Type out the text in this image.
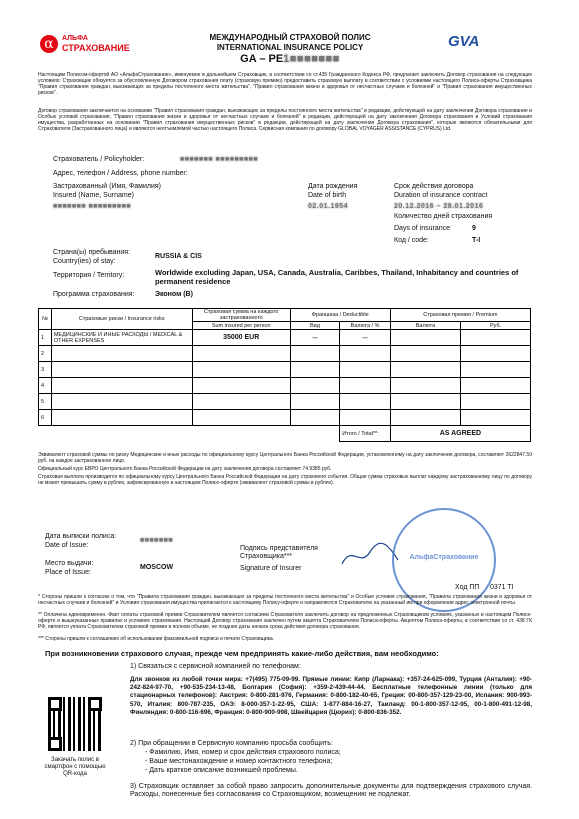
α	АЛЬФА
СТРАХОВАНИЕ
МЕЖДУНАРОДНЫЙ СТРАХОВОЙ ПОЛИС
INTERNATIONAL INSURANCE POLICY
GA – PE1■■■■■■■
GVA
Настоящим Полисом-офертой АО «АльфаСтрахование», именуемое в дальнейшем Страховщик, в соответствии со ст.435 Гражданского Кодекса РФ, предлагает заключить Договор страхования на следующих условиях: Страховщик обязуется за обусловленную Договором страхования плату (страховую премию) предоставить страховую выплату в соответствии с условиями настоящего Полиса-оферты Страховщика "Правил страхования граждан, выезжающих за пределы постоянного места жительства", "Правил страхования жизни и здоровья от несчастных случаев и болезней" и "Правил страхования имущественных рисков".
Договор страхования заключается на основании "Правил страхования граждан, выезжающих за пределы постоянного места жительства" в редакции, действующей на дату заключения Договора страхования и Особых условий страхования, "Правил страхования жизни и здоровья от несчастных случаев и болезней" в редакции, действующей на дату заключения Договора страхования и Условий страхования имущества, разработанных на основании "Правил страхования имущественных рисков" в редакции, действующей на дату заключения Договора страхования", которые являются обязательными для Страхователя (Застрахованного лица) и являются неотъемлемой частью настоящего Полиса. Сервисная компания по договору GLOBAL VOYAGER ASSISTANCE (CYPRUS) Ltd.
Страхователь / Policyholder:	■■■■■■■ ■■■■■■■■■
Адрес, телефон / Address, phone number:
Застрахованный (Имя, Фамилия)
Insured (Name, Surname)
■■■■■■■ ■■■■■■■■■
Дата рождения
Date of birth
02.01.1954
Срок действия договора
Duration of insurance contract
20.12.2016 – 28.01.2016
Количество дней страхования
Days of insurance	9
Код / code:	T-I
Страна(ы) пребывания:
Country(ies) of stay:
RUSSIA & CIS
Территория / Territory:	Worldwide excluding Japan, USA, Canada, Australia, Caribbes, Thailand, Inhabitancy and countries of permanent residence
Программа страхования:	Эконом (B)
№	Страховые риски / Insurance risks	Страховая сумма на каждого застрахованного	Франшиза / Deductible		Страховая премия / Premium	
		Sum insured per person	Вид	Валюта / %	Валюта	Руб.
1	МЕДИЦИНСКИЕ И ИНЫЕ РАСХОДЫ / MEDICAL & OTHER EXPENSES	35000 EUR	---	---		
2						
3						
4						
5						
6						
				Итого / Total**:	AS AGREED	
Эквивалент страховой суммы по риску Медицинские и иные расходы по официальному курсу Центрального Банка Российской Федерации, установленному на дату заключения договора, составляет 2622847.50 руб. на каждое застрахованное лицо.
Официальный курс ЕВРО Центрального Банка Российской Федерации на дату заключения договора составляет 74.9385 руб.
Страховая выплата производится по официальному курсу Центрального Банка Российской Федерации на дату страхового события. Общая сумма страховых выплат каждому застрахованному лицу по договору не может превышать сумму в рублях, зафиксированную в настоящем Полисе-оферте (эквивалент страховой суммы в рублях).
Дата выписки полиса:
Date of Issue:
■■■■■■■
Место выдачи:
Place of Issue:
MOSCOW
Подпись представителя Страховщика***
Signature of Insurer
АльфаСтрахование
Ход ПП 0371 TI
* Стороны пришли к согласию о том, что "Правила страхования граждан, выезжающих за пределы постоянного места жительства" и Особые условия страхования, "Правила страхования жизни и здоровья от несчастных случаев и болезней" и Условия страхования имущества прилагаются к настоящему Полису-оферте и направляются Страхователю на указанный им при оформлении адрес электронной почты.
** Оплачена единовременно. Факт оплаты страховой премии Страхователем является согласием Страхователя заключить договор на предложенных Страховщиком условиях, указанных в настоящем Полисе-оферте и вышеуказанных правилах и условиях страхования. Настоящий Договор страхования заключен путем акцепта Страхователем Полиса-оферты. Акцептом Полиса-оферты, в соответствии со ст. 438 ГК РФ, является уплата Страхователем страховой премии в полном объеме, не позднее даты начала срока действия договора страхования.
*** Стороны пришли к соглашению об использовании факсимильной подписи и печати Страховщика.
При возникновении страхового случая, прежде чем предпринять какие-либо действия, вам необходимо:
1) Связаться с сервисной компанией по телефонам:
Для звонков из любой точки мира: +7(495) 775-09-99. Прямые линии: Кипр (Ларнака): +357-24-625-099, Турция (Анталия): +90-242-824-97-70, +90-535-234-13-48, Болгария (София): +359-2-439-44-44. Бесплатные телефонные линии (только для стационарных телефонов): Австрия: 0-800-281-976, Германия: 0-800-182-40-65, Греция: 00-800-357-129-23-00, Испания: 900-993-570, Италия: 800-787-235, ОАЭ: 8-000-357-1-22-95, США: 1-877-884-16-27, Таиланд: 00-1-800-357-12-95, 00-1-800-491-12-98, Финляндия: 0-800-116-696, Франция: 0-800-900-998, Швейцария (Цюрих): 0-800-836-352.
2) При обращении в Сервисную компанию просьба сообщить:
- Фамилию, Имя, номер и срок действия страхового полиса;
- Ваше местонахождение и номер контактного телефона;
- Дать краткое описание возникшей проблемы.
3) Страховщик оставляет за собой право запросить дополнительные документы для подтверждения страхового случая. Расходы, понесенные без согласования со Страховщиком, возмещению не подлежат.
Закачать полис в смартфон с помощью QR-кода
